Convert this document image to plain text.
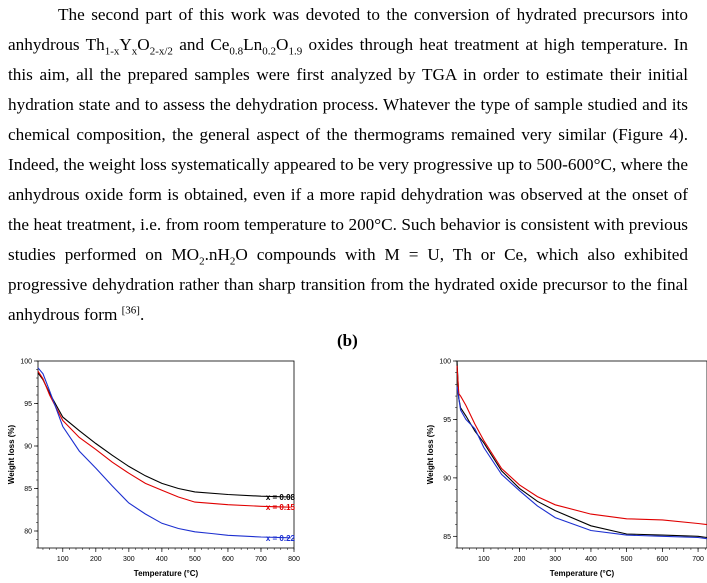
The second part of this work was devoted to the conversion of hydrated precursors into anhydrous $Th_{1-x}Y_xO_{2-x/2}$ and $Ce_{0.8}Ln_{0.2}O_{1.9}$ oxides through heat treatment at high temperature. In this aim, all the prepared samples were first analyzed by TGA in order to estimate their initial hydration state and to assess the dehydration process. Whatever the type of sample studied and its chemical composition, the general aspect of the thermograms remained very similar (Figure 4). Indeed, the weight loss systematically appeared to be very progressive up to 500-600°C, where the anhydrous oxide form is obtained, even if a more rapid dehydration was observed at the onset of the heat treatment, i.e. from room temperature to 200°C. Such behavior is consistent with previous studies performed on $MO_2.nH_2O$ compounds with M = U, Th or Ce, which also exhibited progressive dehydration rather than sharp transition from the hydrated oxide precursor to the final anhydrous form [36].

(b)
100	200	300	400	500	600	700	800
80
85
90
95
100
Temperature (°C)
Weight loss (%)
x = 0.08
x = 0.15
x = 0.22
100	200	300	400	500	600	700
85
90
95
100
Temperature (°C)
Weight loss (%)
